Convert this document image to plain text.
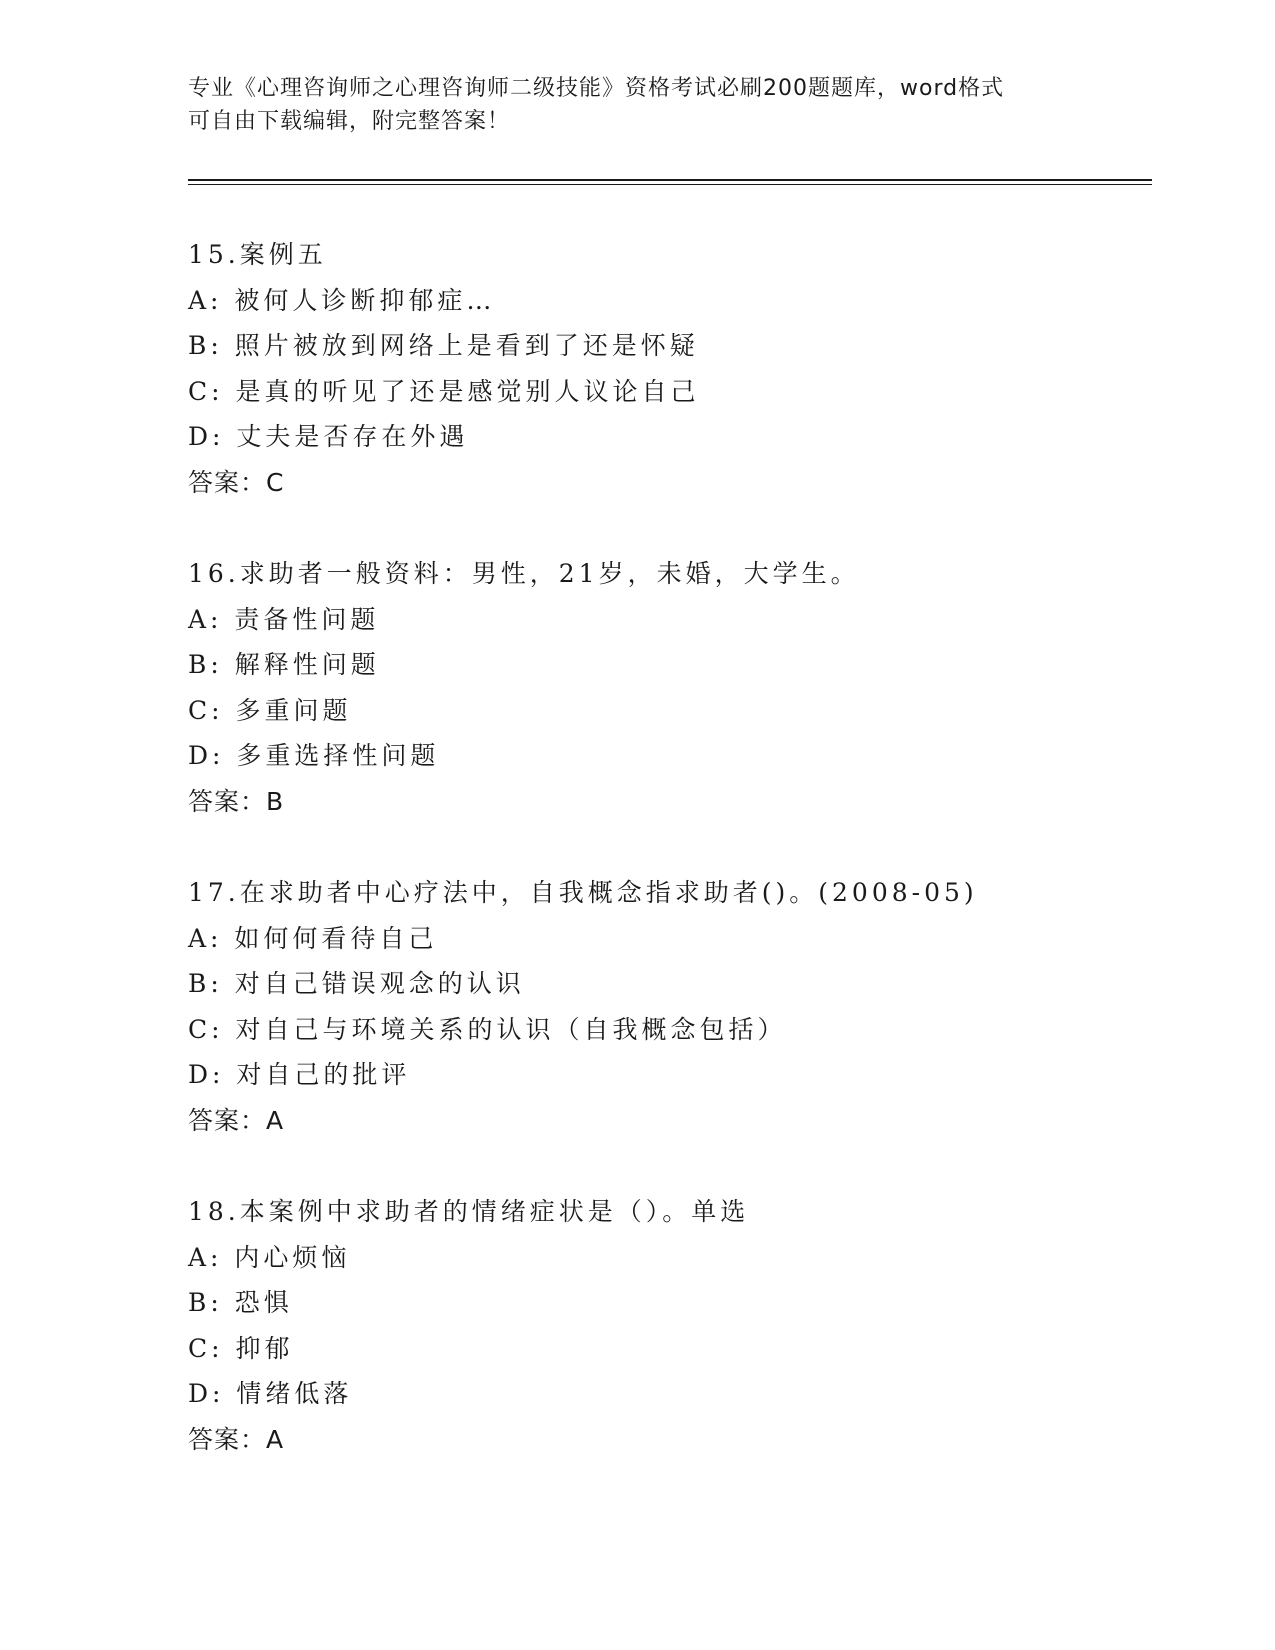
专业《心理咨询师之心理咨询师二级技能》资格考试必刷200题题库，word格式
可自由下载编辑，附完整答案！
15.案例五
A: 被何人诊断抑郁症…
B: 照片被放到网络上是看到了还是怀疑
C: 是真的听见了还是感觉别人议论自己
D: 丈夫是否存在外遇
答案：C
16.求助者一般资料：男性，21岁，未婚，大学生。
A: 责备性问题
B: 解释性问题
C: 多重问题
D: 多重选择性问题
答案：B
17.在求助者中心疗法中，自我概念指求助者()。(2008-05)
A: 如何何看待自己
B: 对自己错误观念的认识
C: 对自己与环境关系的认识（自我概念包括）
D: 对自己的批评
答案：A
18.本案例中求助者的情绪症状是（）。单选
A: 内心烦恼
B: 恐惧
C: 抑郁
D: 情绪低落
答案：A
